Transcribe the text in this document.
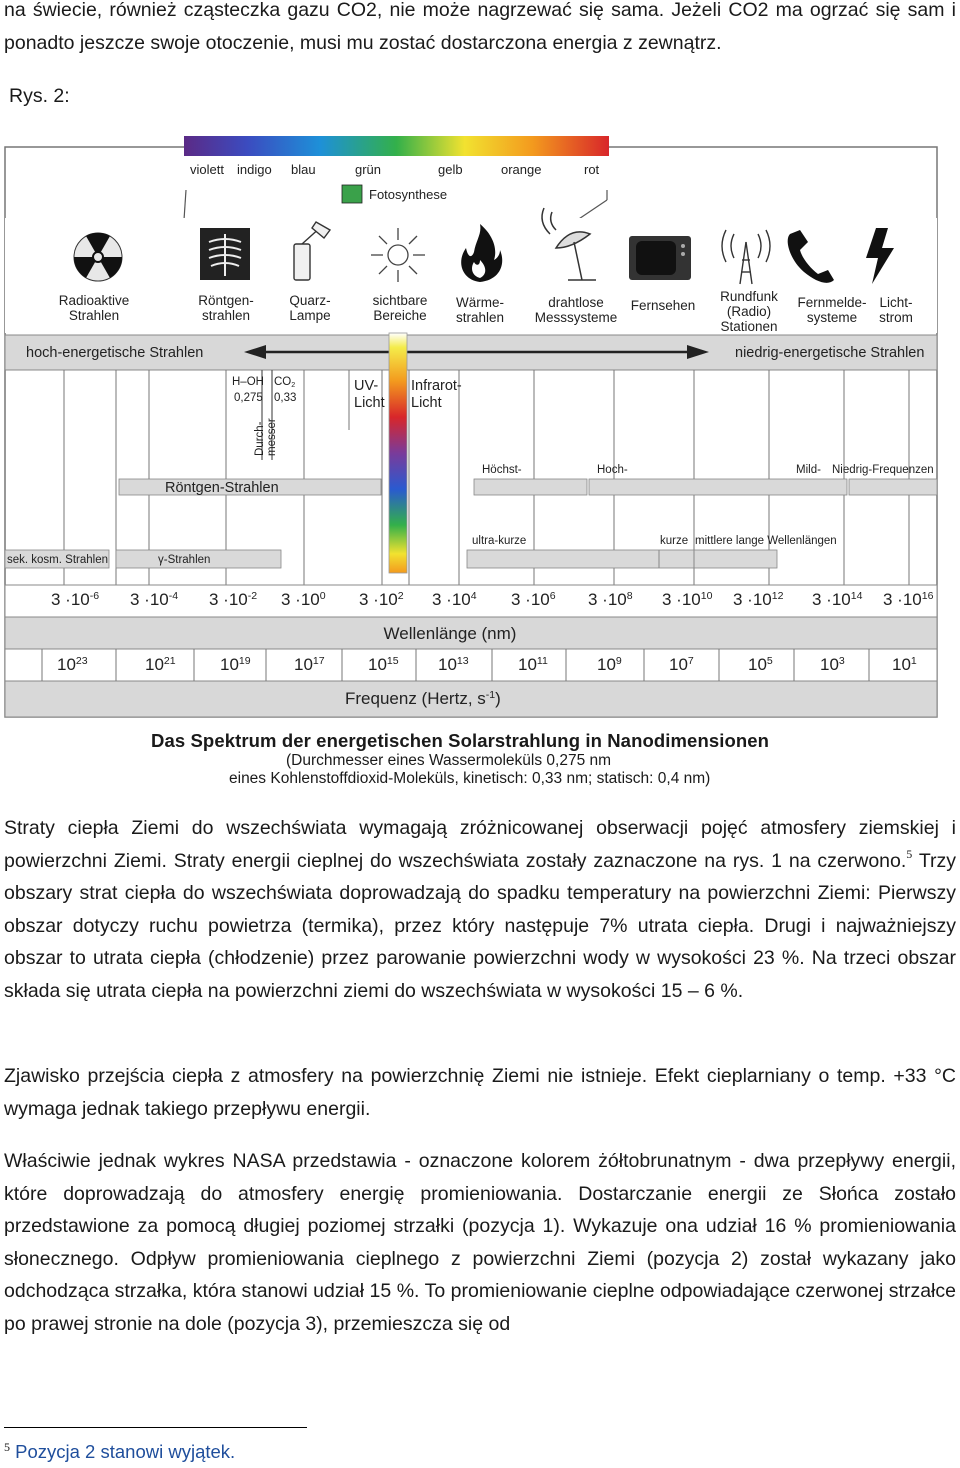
na świecie, również cząsteczka gazu CO2, nie może nagrzewać się sama. Jeżeli CO2 ma ogrzać się sam i ponadto jeszcze swoje otoczenie, musi mu zostać dostarczona energia z zewnątrz.

Rys. 2:

violett indigo blau	grün	gelb	orange	rot
Fotosynthese
Radioaktive
Strahlen
Röntgen-
strahlen
Quarz-
Lampe
sichtbare
Bereiche
Wärme-
strahlen
drahtlose
Messsysteme
Fernsehen
Rundfunk
(Radio)
Stationen
Fernmelde-
systeme
Licht-
strom
hoch-energetische Strahlen	niedrig-energetische Strahlen
H–OH
0,275
$CO_2$
0,33
Durch-
messer
UV-
Licht
Infrarot-
Licht
Röntgen-Strahlen
sek. kosm. Strahlen	γ-Strahlen
Höchst-	Hoch-	Mild- Niedrig-Frequenzen
ultra-kurze	kurze mittlere lange Wellenlängen
$3 \cdot 10^{-6}$ $3 \cdot 10^{-4}$ $3 \cdot 10^{-2}$ $3 \cdot 10^0$ $3 \cdot 10^2$ $3 \cdot 10^4$ $3 \cdot 10^6$ $3 \cdot 10^8$ $3 \cdot 10^{10}$ $3 \cdot 10^{12}$ $3 \cdot 10^{14}$ $3 \cdot 10^{16}$
Wellenlänge (nm)
$10^{23}$	$10^{21}$	$10^{19}$	$10^{17}$	$10^{15}$ $10^{13}$	$10^{11}$	$10^9$	$10^7$	$10^5$	$10^3$	$10^1$
Frequenz (Hertz, $s^{-1}$)
Das Spektrum der energetischen Solarstrahlung in Nanodimensionen
(Durchmesser eines Wassermoleküls 0,275 nm
eines Kohlenstoffdioxid-Moleküls, kinetisch: 0,33 nm; statisch: 0,4 nm)

Straty ciepła Ziemi do wszechświata wymagają zróżnicowanej obserwacji pojęć atmosfery ziemskiej i powierzchni Ziemi. Straty energii cieplnej do wszechświata zostały zaznaczone na rys. 1 na czerwono.$^5$ Trzy obszary strat ciepła do wszechświata doprowadzają do spadku temperatury na powierzchni Ziemi: Pierwszy obszar dotyczy ruchu powietrza (termika), przez który następuje 7% utrata ciepła. Drugi i najważniejszy obszar to utrata ciepła (chłodzenie) przez parowanie powierzchni wody w wysokości 23 %. Na trzeci obszar składa się utrata ciepła na powierzchni ziemi do wszechświata w wysokości 15 – 6 %.

Zjawisko przejścia ciepła z atmosfery na powierzchnię Ziemi nie istnieje. Efekt cieplarniany o temp. +33 °C wymaga jednak takiego przepływu energii.

Właściwie jednak wykres NASA przedstawia - oznaczone kolorem żółtobrunatnym - dwa przepływy energii, które doprowadzają do atmosfery energię promieniowania. Dostarczanie energii ze Słońca zostało przedstawione za pomocą długiej poziomej strzałki (pozycja 1). Wykazuje ona udział 16 % promieniowania słonecznego. Odpływ promieniowania cieplnego z powierzchni Ziemi (pozycja 2) został wykazany jako odchodząca strzałka, która stanowi udział 15 %. To promieniowanie cieplne odpowiadające czerwonej strzałce po prawej stronie na dole (pozycja 3), przemieszcza się od

$^5$ Pozycja 2 stanowi wyjątek.
